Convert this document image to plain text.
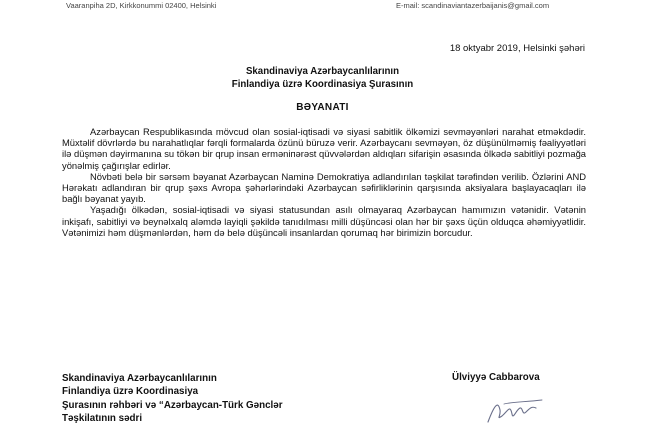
Vaaranpiha 2D, Kirkkonummi 02400, Helsinki	E-mail: scandinaviantazerbaijanis@gmail.com
18 oktyabr 2019, Helsinki şəhəri
Skandinaviya Azərbaycanlılarının
Finlandiya üzrə Koordinasiya Şurasının
BƏYANATI

Azərbaycan Respublikasında mövcud olan sosial-iqtisadi və siyasi sabitlik ölkəmizi sevməyənləri narahat etməkdədir. Müxtəlif dövrlərdə bu narahatlıqlar fərqli formalarda özünü büruzə verir. Azərbaycanı sevməyən, öz düşünülməmiş fəaliyyətləri ilə düşmən dəyirmanına su tökən bir qrup insan erməniпərəst qüvvələrdən aldıqları sifarişin əsasında ölkədə sabitliyi pozmağa yönəlmiş çağırışlar edirlər.

Növbəti belə bir sərsəm bəyanat Azərbaycan Naminə Demokratiya adlandırılan təşkilat tərəfindən verilib. Özlərini AND Hərəkatı adlandıran bir qrup şəxs Avropa şəhərlərindəki Azərbaycan səfirliklərinin qarşısında aksiyalara başlayacaqları ilə bağlı bəyanat yayıb.

Yaşadığı ölkədən, sosial-iqtisadi və siyasi statusundan asılı olmayaraq Azərbaycan hamımızın vətənidir. Vətənin inkişafı, sabitliyi və beynəlxalq aləmdə layiqli şəkildə tanıdılması milli düşüncəsi olan hər bir şəxs üçün olduqca əhəmiyyətlidir. Vətənimizi həm düşmənlərdən, həm də belə düşüncəli insanlardan qorumaq hər birimizin borcudur.

Skandinaviya Azərbaycanlılarının
Finlandiya üzrə Koordinasiya
Şurasının rəhbəri və “Azərbaycan-Türk Gənclər
Təşkilatının sədri
Ülviyyə Cabbarova
